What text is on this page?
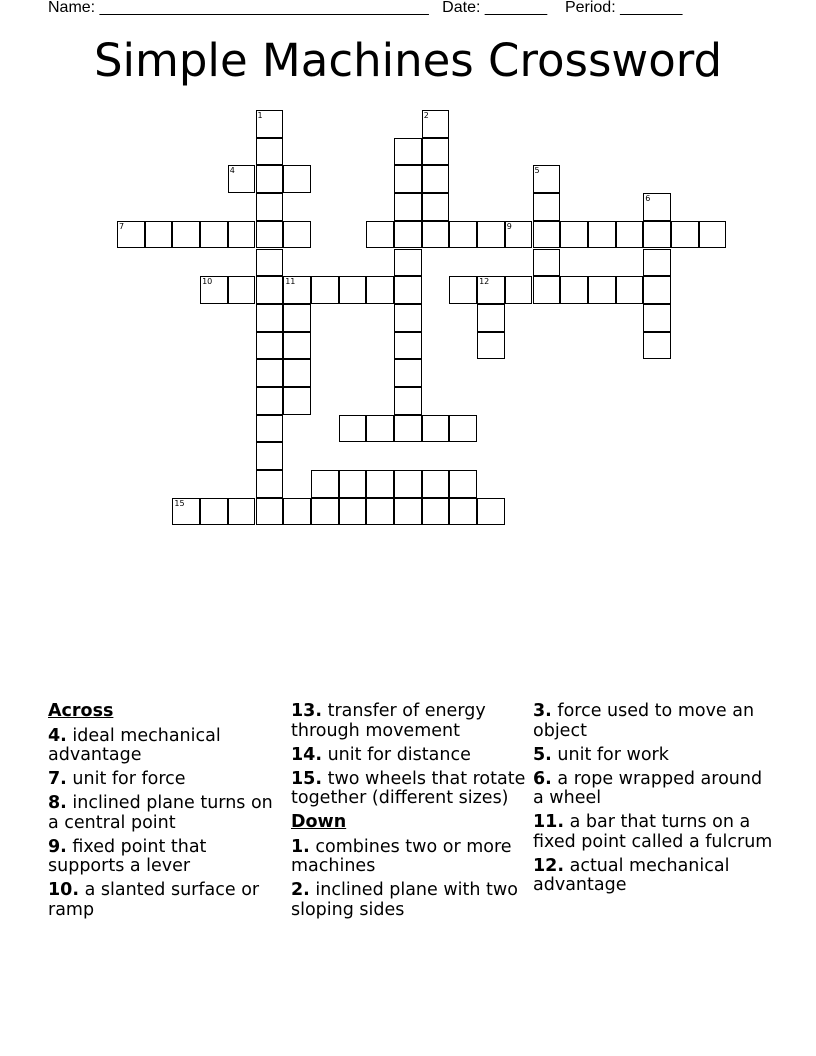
Name: _____________________________________ Date: _______ Period: _______
Simple Machines Crossword
1	2
4	5
6
7	9
10	11	12
15
Across
4. ideal mechanical advantage
7. unit for force
8. inclined plane turns on a central point
9. fixed point that supports a lever
10. a slanted surface or ramp
13. transfer of energy through movement
14. unit for distance
15. two wheels that rotate together (different sizes)
Down
1. combines two or more machines
2. inclined plane with two sloping sides
3. force used to move an object
5. unit for work
6. a rope wrapped around a wheel
11. a bar that turns on a fixed point called a fulcrum
12. actual mechanical advantage
